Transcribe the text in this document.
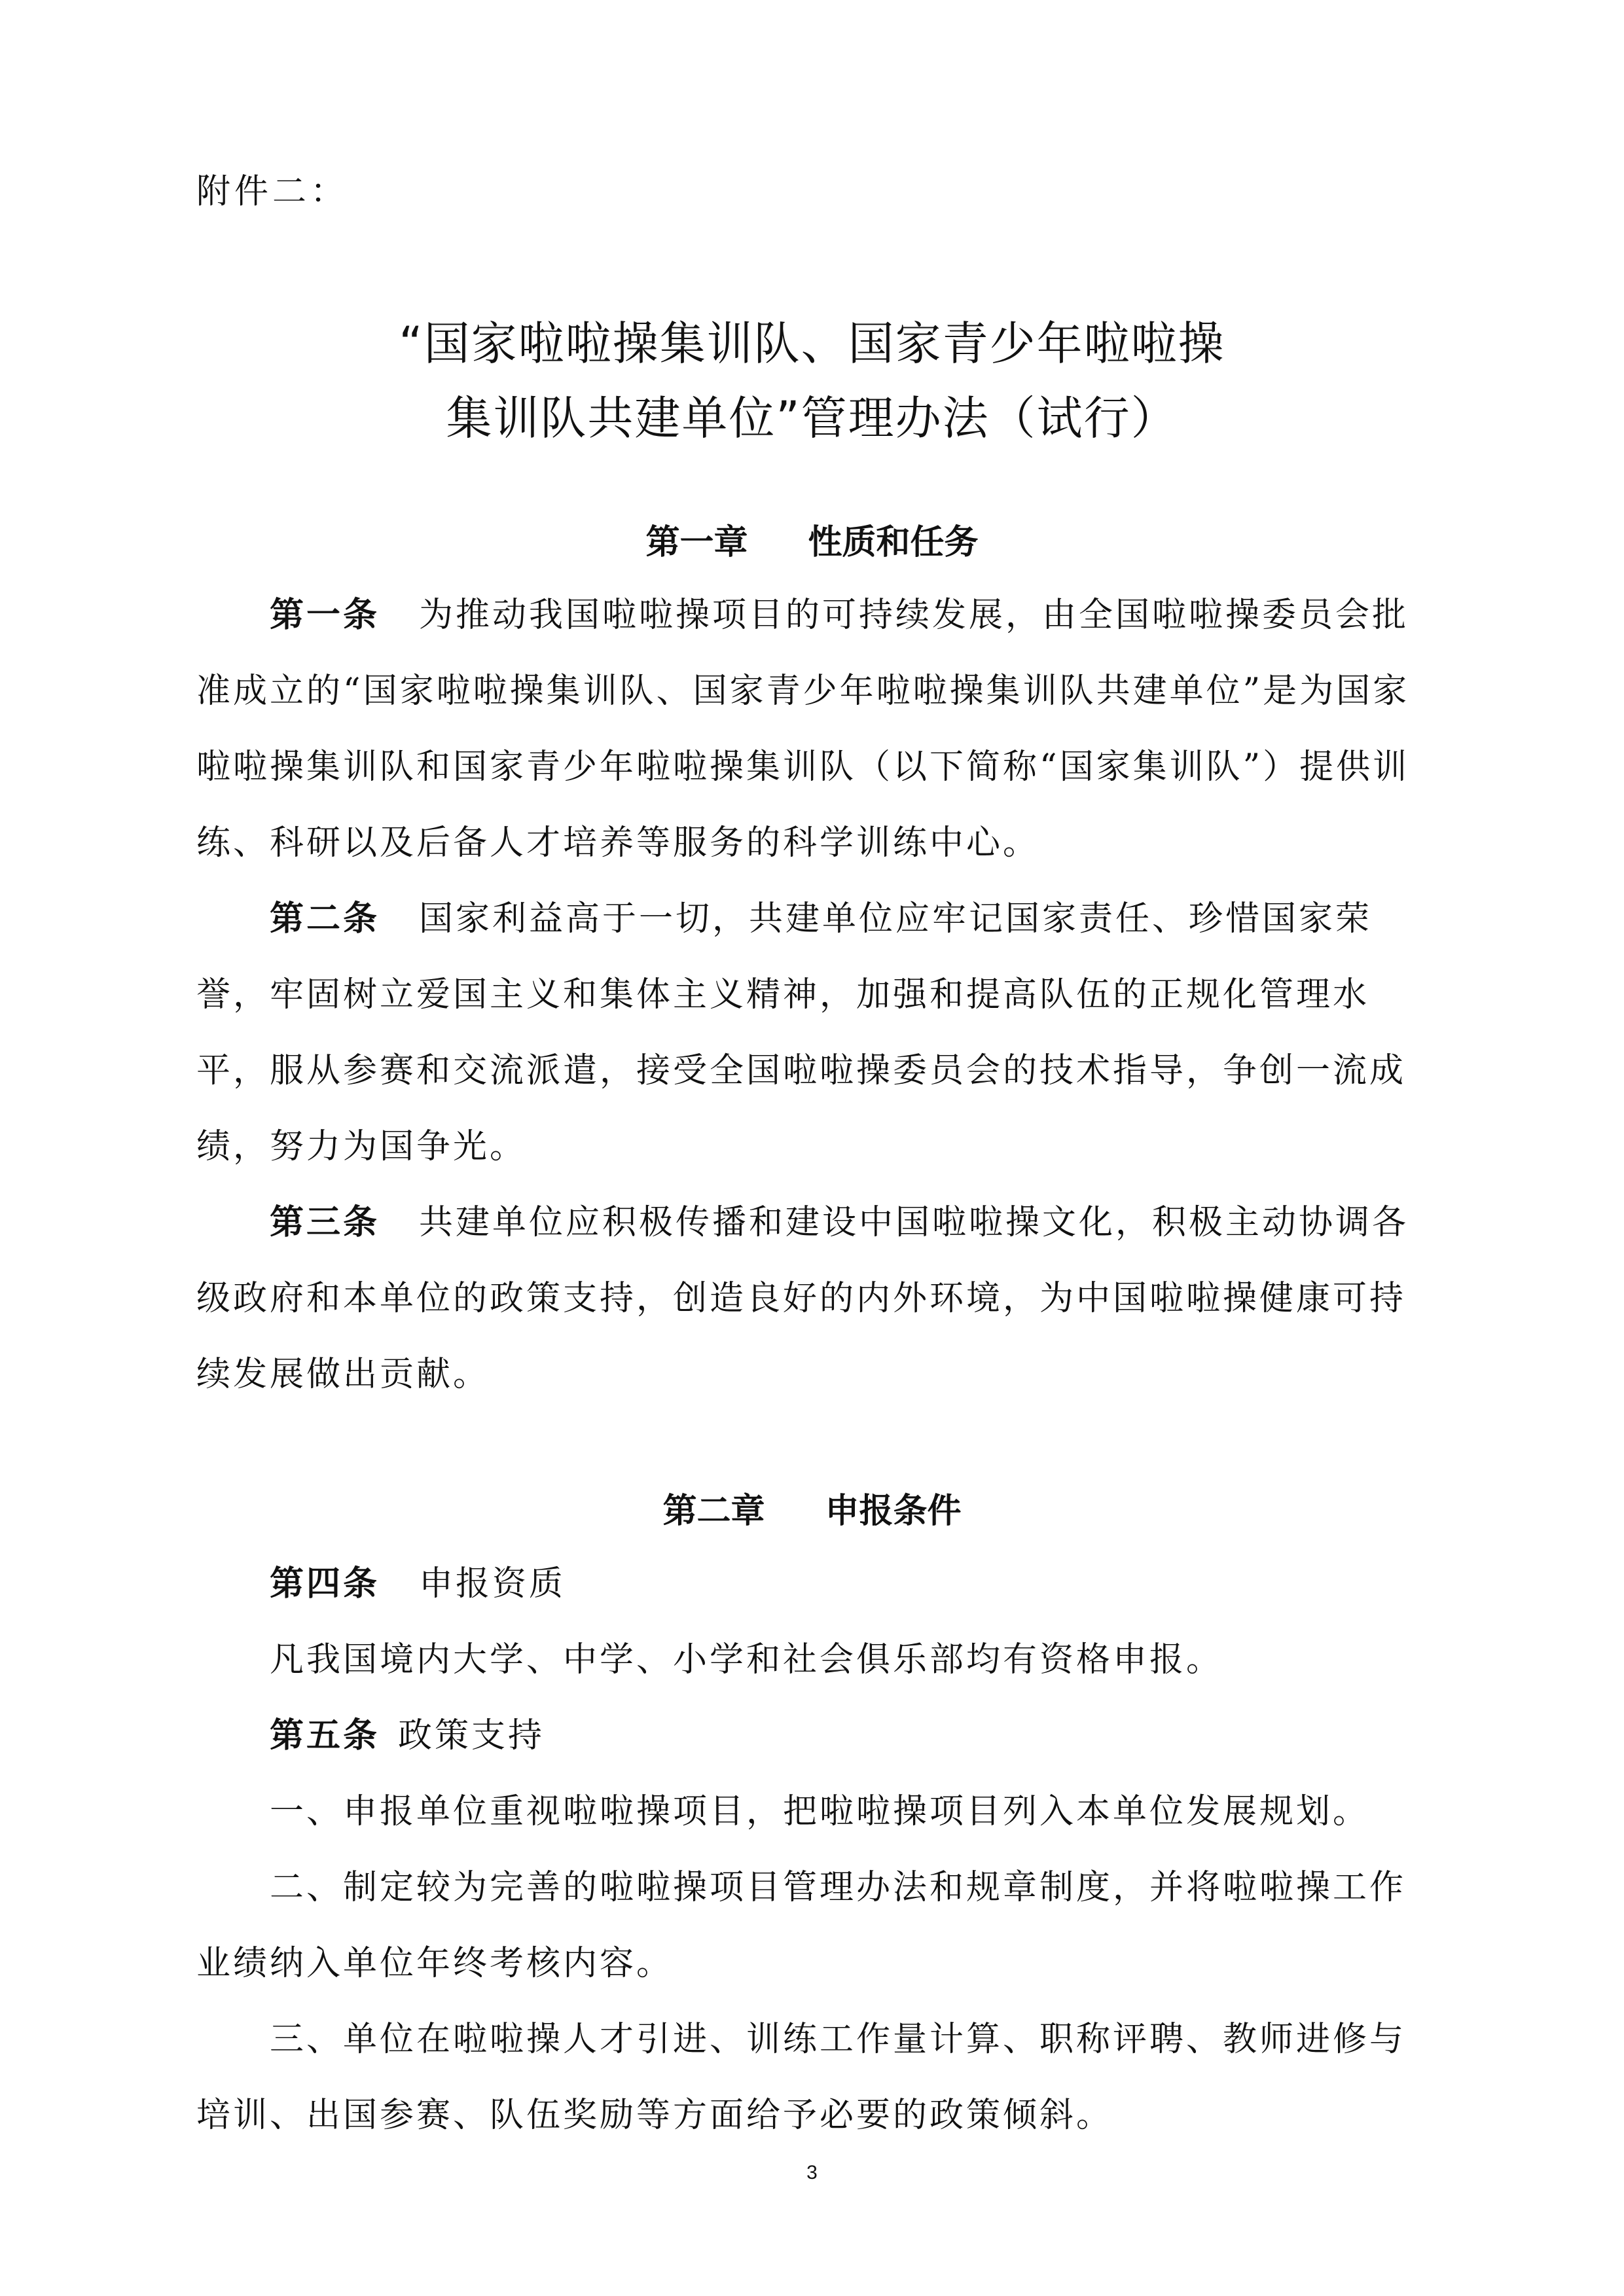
附件二：
“国家啦啦操集训队、国家青少年啦啦操
集训队共建单位”管理办法（试行）
第一章 性质和任务
第一条 为推动我国啦啦操项目的可持续发展，由全国啦啦操委员会批准成立的“国家啦啦操集训队、国家青少年啦啦操集训队共建单位”是为国家啦啦操集训队和国家青少年啦啦操集训队（以下简称“国家集训队”）提供训练、科研以及后备人才培养等服务的科学训练中心。
第二条 国家利益高于一切，共建单位应牢记国家责任、珍惜国家荣誉，牢固树立爱国主义和集体主义精神，加强和提高队伍的正规化管理水平，服从参赛和交流派遣，接受全国啦啦操委员会的技术指导，争创一流成绩，努力为国争光。
第三条 共建单位应积极传播和建设中国啦啦操文化，积极主动协调各级政府和本单位的政策支持，创造良好的内外环境，为中国啦啦操健康可持续发展做出贡献。
第二章 申报条件
第四条 申报资质
凡我国境内大学、中学、小学和社会俱乐部均有资格申报。
第五条 政策支持
一、申报单位重视啦啦操项目，把啦啦操项目列入本单位发展规划。
二、制定较为完善的啦啦操项目管理办法和规章制度，并将啦啦操工作业绩纳入单位年终考核内容。
三、单位在啦啦操人才引进、训练工作量计算、职称评聘、教师进修与培训、出国参赛、队伍奖励等方面给予必要的政策倾斜。
3
